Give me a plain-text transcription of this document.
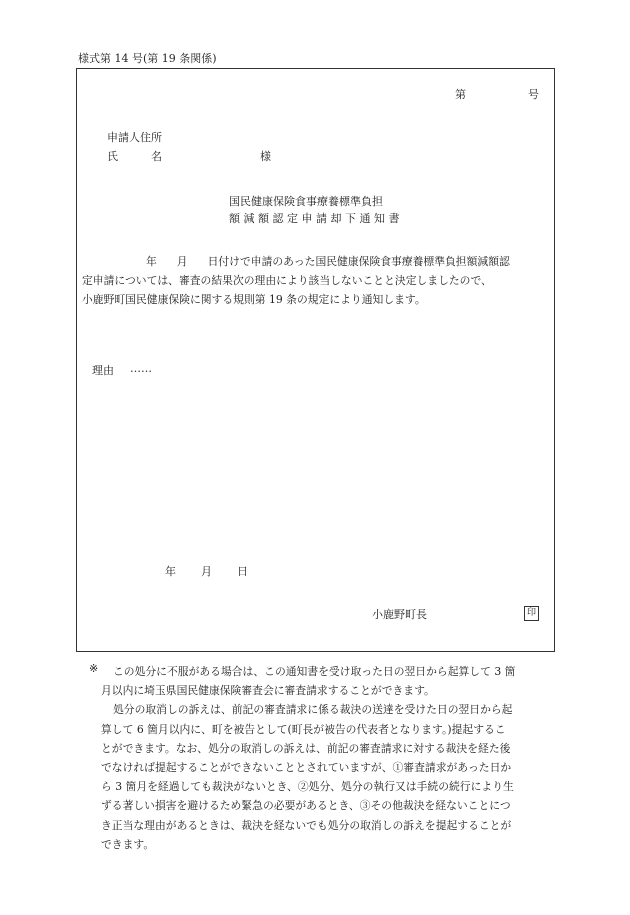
様式第 14 号(第 19 条関係)
第	号
申請人住所
氏　　　名	様
国民健康保険食事療養標準負担
額 減 額 認 定 申 請 却 下 通 知 書
年 月 日付けで申請のあった国民健康保険食事療養標準負担額減額認
定申請については、審査の結果次の理由により該当しないことと決定しましたので、
小鹿野町国民健康保険に関する規則第 19 条の規定により通知します。
理由 ……
年 月 日
小鹿野町長	印
※	この処分に不服がある場合は、この通知書を受け取った日の翌日から起算して 3 箇
月以内に埼玉県国民健康保険審査会に審査請求することができます。
処分の取消しの訴えは、前記の審査請求に係る裁決の送達を受けた日の翌日から起
算して 6 箇月以内に、町を被告として(町長が被告の代表者となります。)提起するこ
とができます。なお、処分の取消しの訴えは、前記の審査請求に対する裁決を経た後
でなければ提起することができないこととされていますが、①審査請求があった日か
ら 3 箇月を経過しても裁決がないとき、②処分、処分の執行又は手続の続行により生
ずる著しい損害を避けるため緊急の必要があるとき、③その他裁決を経ないことにつ
き正当な理由があるときは、裁決を経ないでも処分の取消しの訴えを提起することが
できます。
